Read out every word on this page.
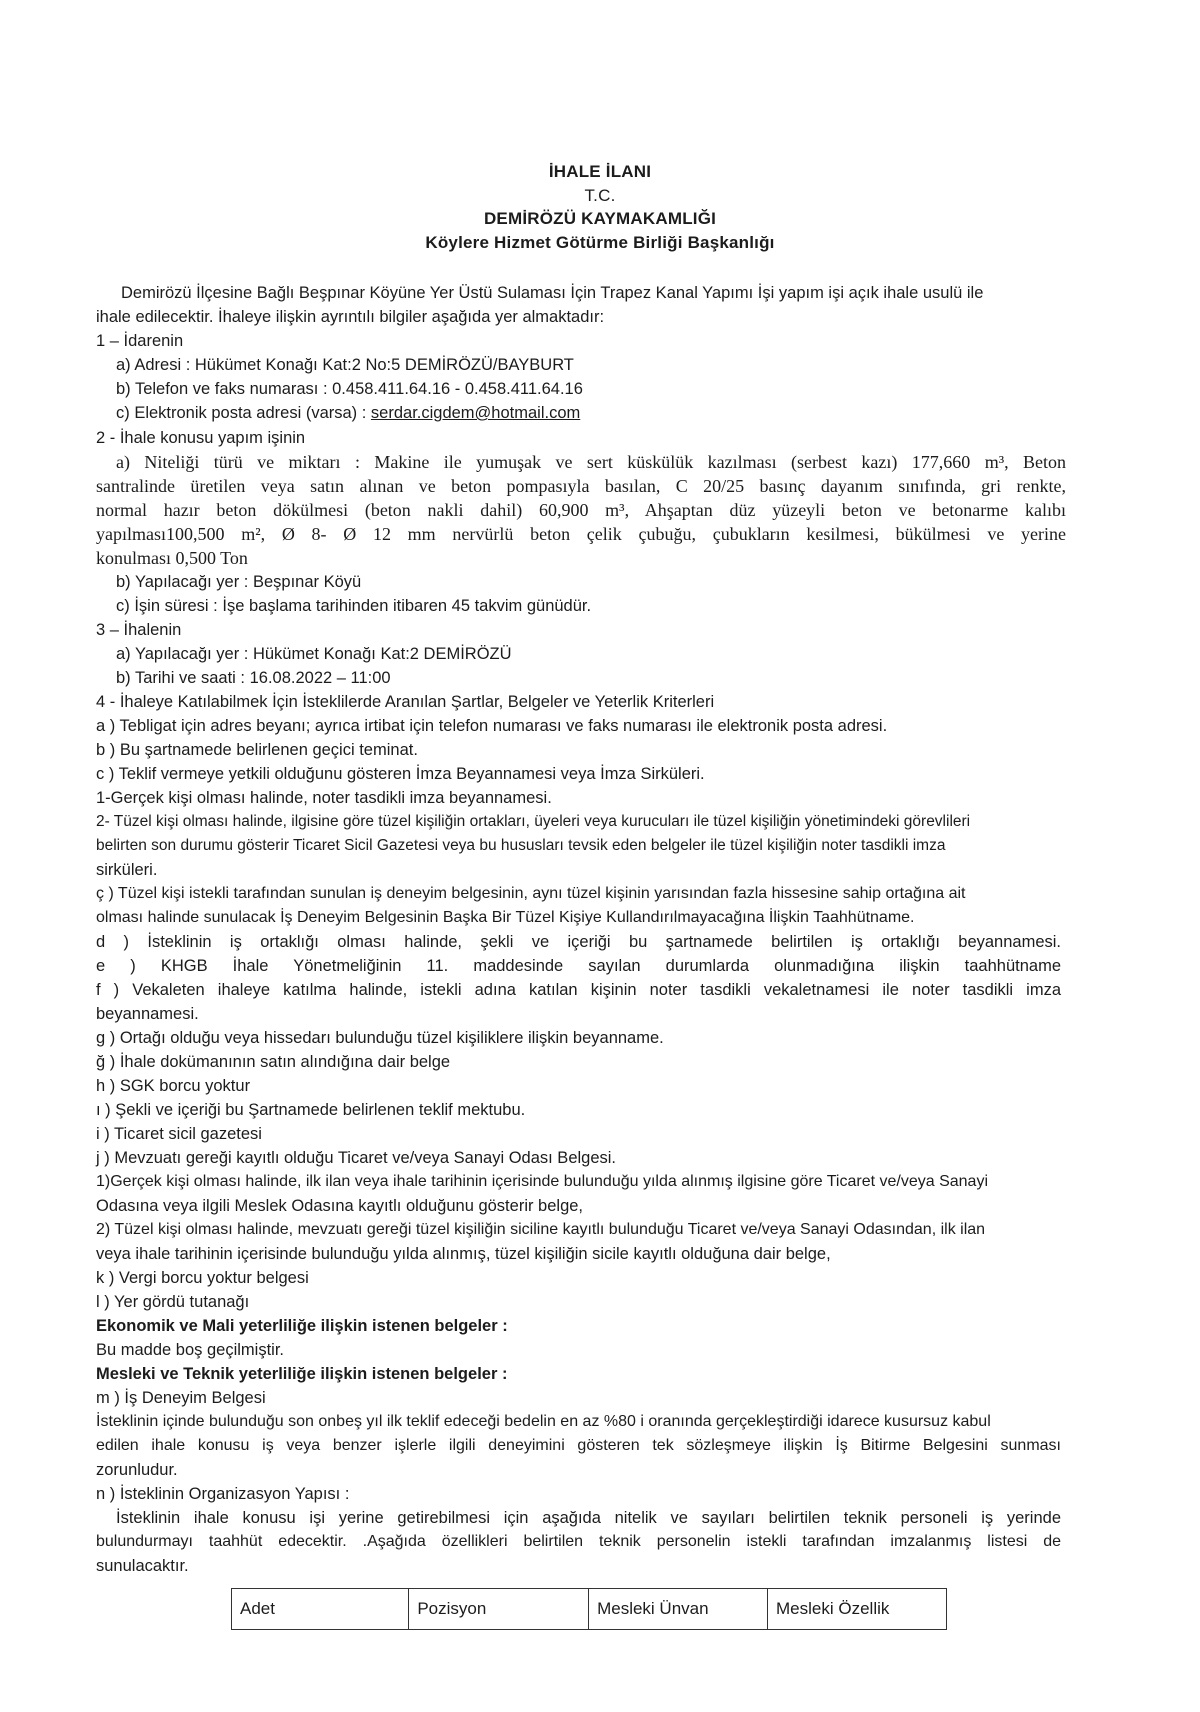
İHALE İLANI
T.C.
DEMİRÖZÜ KAYMAKAMLIĞI
Köylere Hizmet Götürme Birliği Başkanlığı
Demirözü İlçesine Bağlı Beşpınar Köyüne Yer Üstü Sulaması İçin Trapez Kanal Yapımı İşi yapım işi açık ihale usulü ile
ihale edilecektir. İhaleye ilişkin ayrıntılı bilgiler aşağıda yer almaktadır:
1 – İdarenin
a) Adresi : Hükümet Konağı Kat:2 No:5 DEMİRÖZÜ/BAYBURT
b) Telefon ve faks numarası : 0.458.411.64.16 - 0.458.411.64.16
c) Elektronik posta adresi (varsa) : serdar.cigdem@hotmail.com
2 - İhale konusu yapım işinin
a) Niteliği türü ve miktarı : Makine ile yumuşak ve sert küskülük kazılması (serbest kazı) 177,660 m³, Beton
santralinde üretilen veya satın alınan ve beton pompasıyla basılan, C 20/25 basınç dayanım sınıfında, gri renkte,
normal hazır beton dökülmesi (beton nakli dahil) 60,900 m³, Ahşaptan düz yüzeyli beton ve betonarme kalıbı
yapılması100,500 m², Ø 8- Ø 12 mm nervürlü beton çelik çubuğu, çubukların kesilmesi, bükülmesi ve yerine
konulması 0,500 Ton
b) Yapılacağı yer : Beşpınar Köyü
c) İşin süresi : İşe başlama tarihinden itibaren 45 takvim günüdür.
3 – İhalenin
a) Yapılacağı yer : Hükümet Konağı Kat:2 DEMİRÖZÜ
b) Tarihi ve saati : 16.08.2022 – 11:00
4 - İhaleye Katılabilmek İçin İsteklilerde Aranılan Şartlar, Belgeler ve Yeterlik Kriterleri
a ) Tebligat için adres beyanı; ayrıca irtibat için telefon numarası ve faks numarası ile elektronik posta adresi.
b ) Bu şartnamede belirlenen geçici teminat.
c ) Teklif vermeye yetkili olduğunu gösteren İmza Beyannamesi veya İmza Sirküleri.
1-Gerçek kişi olması halinde, noter tasdikli imza beyannamesi.
2- Tüzel kişi olması halinde, ilgisine göre tüzel kişiliğin ortakları, üyeleri veya kurucuları ile tüzel kişiliğin yönetimindeki görevlileri
belirten son durumu gösterir Ticaret Sicil Gazetesi veya bu hususları tevsik eden belgeler ile tüzel kişiliğin noter tasdikli imza
sirküleri.
ç ) Tüzel kişi istekli tarafından sunulan iş deneyim belgesinin, aynı tüzel kişinin yarısından fazla hissesine sahip ortağına ait
olması halinde sunulacak İş Deneyim Belgesinin Başka Bir Tüzel Kişiye Kullandırılmayacağına İlişkin Taahhütname.
d ) İsteklinin iş ortaklığı olması halinde, şekli ve içeriği bu şartnamede belirtilen iş ortaklığı beyannamesi.
e ) KHGB İhale Yönetmeliğinin 11. maddesinde sayılan durumlarda olunmadığına ilişkin taahhütname
f ) Vekaleten ihaleye katılma halinde, istekli adına katılan kişinin noter tasdikli vekaletnamesi ile noter tasdikli imza
beyannamesi.
g ) Ortağı olduğu veya hissedarı bulunduğu tüzel kişiliklere ilişkin beyanname.
ğ ) İhale dokümanının satın alındığına dair belge
h ) SGK borcu yoktur
ı ) Şekli ve içeriği bu Şartnamede belirlenen teklif mektubu.
i ) Ticaret sicil gazetesi
j ) Mevzuatı gereği kayıtlı olduğu Ticaret ve/veya Sanayi Odası Belgesi.
1)Gerçek kişi olması halinde, ilk ilan veya ihale tarihinin içerisinde bulunduğu yılda alınmış ilgisine göre Ticaret ve/veya Sanayi
Odasına veya ilgili Meslek Odasına kayıtlı olduğunu gösterir belge,
2) Tüzel kişi olması halinde, mevzuatı gereği tüzel kişiliğin siciline kayıtlı bulunduğu Ticaret ve/veya Sanayi Odasından, ilk ilan
veya ihale tarihinin içerisinde bulunduğu yılda alınmış, tüzel kişiliğin sicile kayıtlı olduğuna dair belge,
k ) Vergi borcu yoktur belgesi
l ) Yer gördü tutanağı
Ekonomik ve Mali yeterliliğe ilişkin istenen belgeler :
Bu madde boş geçilmiştir.
Mesleki ve Teknik yeterliliğe ilişkin istenen belgeler :
m ) İş Deneyim Belgesi
İsteklinin içinde bulunduğu son onbeş yıl ilk teklif edeceği bedelin en az %80 i oranında gerçekleştirdiği idarece kusursuz kabul
edilen ihale konusu iş veya benzer işlerle ilgili deneyimini gösteren tek sözleşmeye ilişkin İş Bitirme Belgesini sunması
zorunludur.
n ) İsteklinin Organizasyon Yapısı :
İsteklinin ihale konusu işi yerine getirebilmesi için aşağıda nitelik ve sayıları belirtilen teknik personeli iş yerinde
bulundurmayı taahhüt edecektir. .Aşağıda özellikleri belirtilen teknik personelin istekli tarafından imzalanmış listesi de
sunulacaktır.
Adet	Pozisyon	Mesleki Ünvan	Mesleki Özellik
